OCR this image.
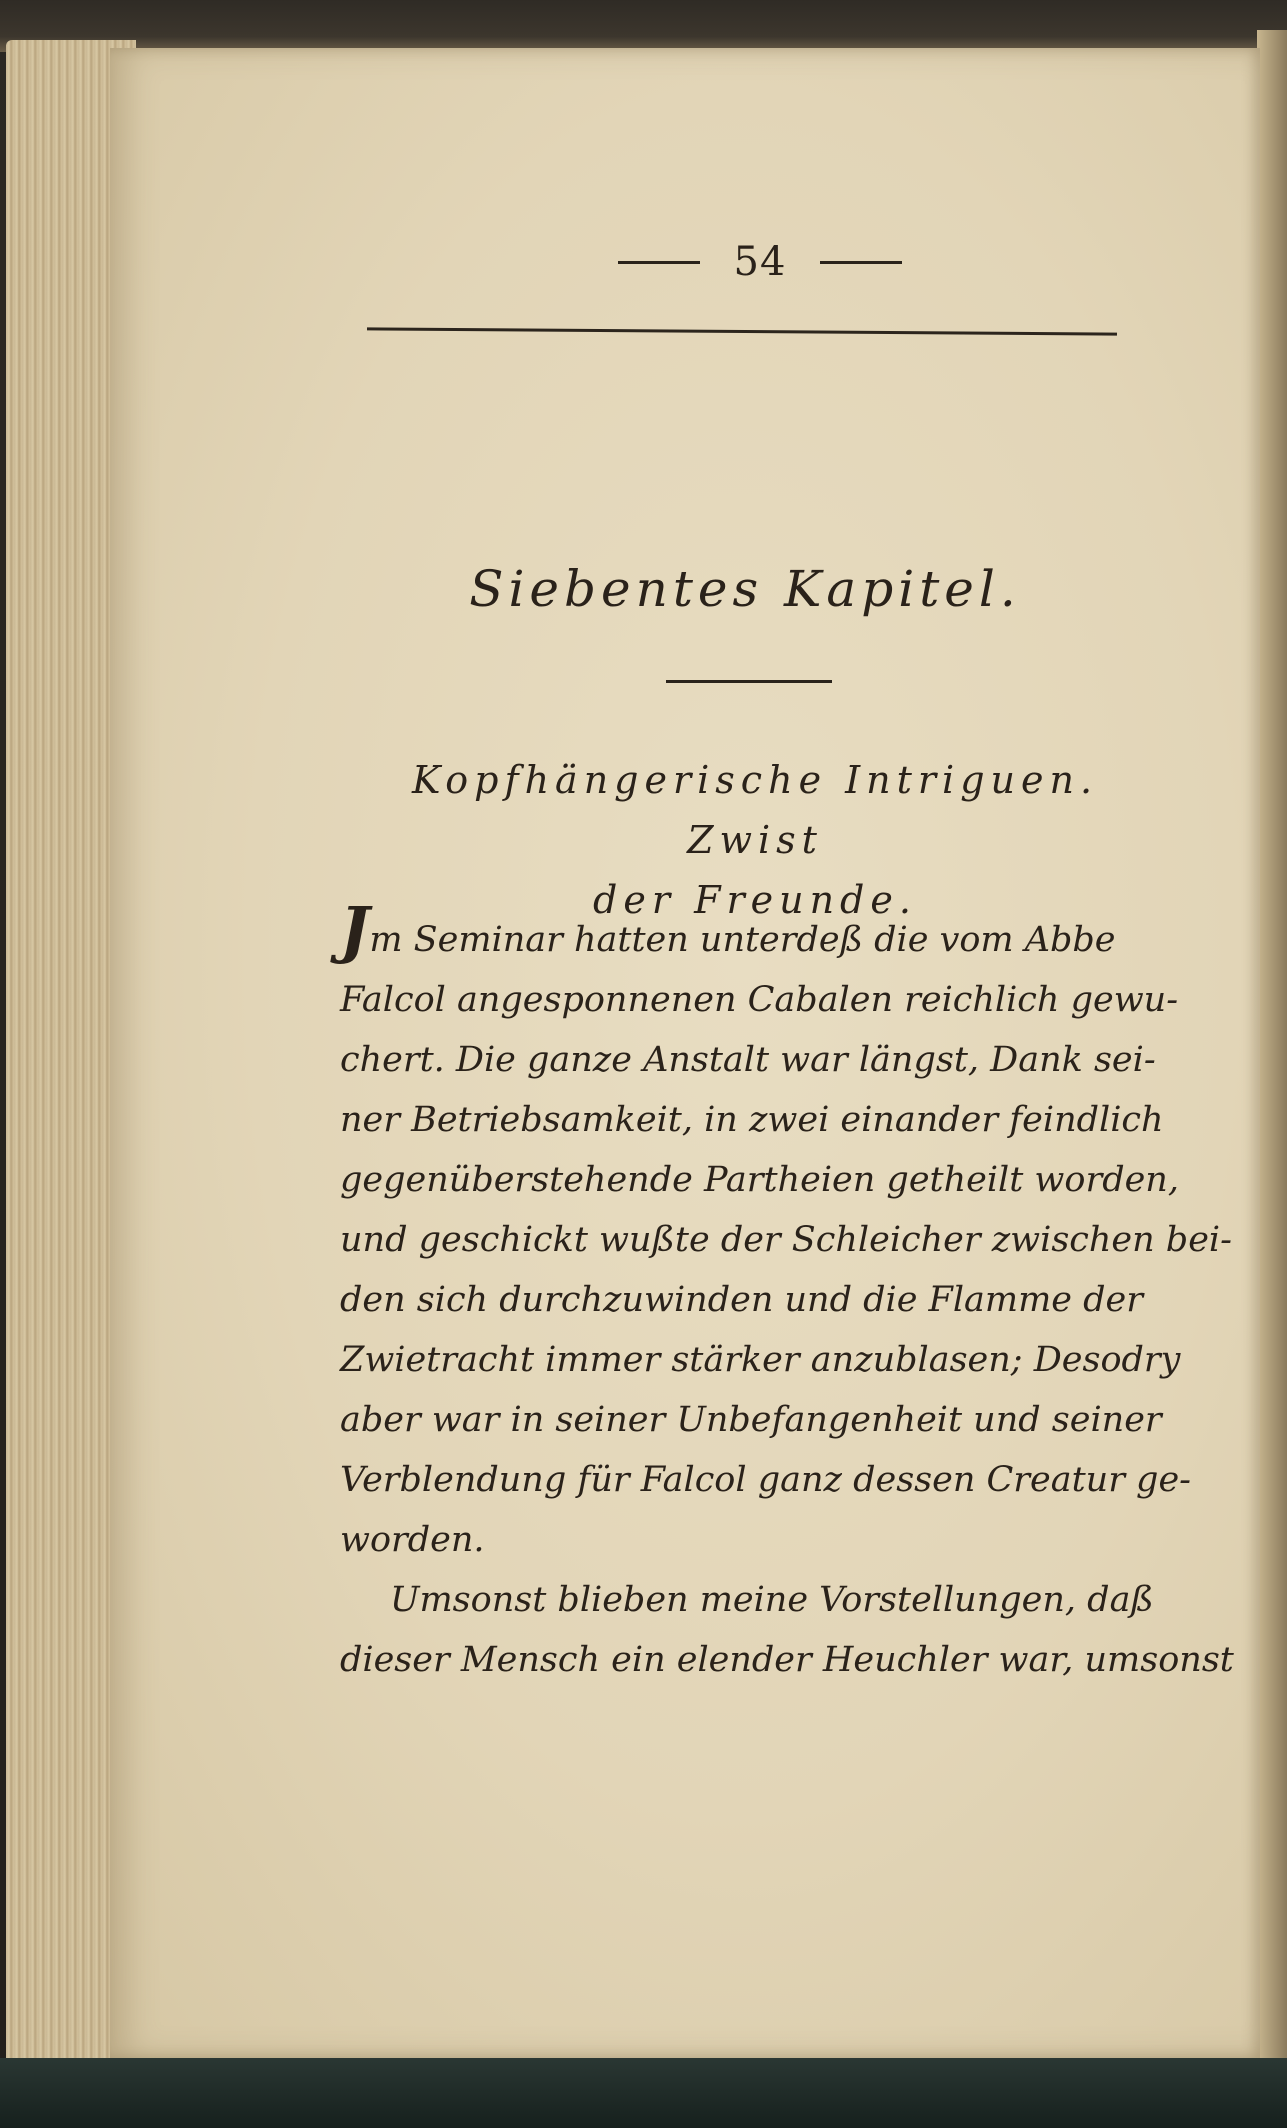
54
Siebentes Kapitel.
Kopfhängerische Intriguen. Zwist
der Freunde.
Jm Seminar hatten unterdeß die vom Abbe
Falcol angesponnenen Cabalen reichlich gewu-
chert. Die ganze Anstalt war längst, Dank sei-
ner Betriebsamkeit, in zwei einander feindlich
gegenüberstehende Partheien getheilt worden,
und geschickt wußte der Schleicher zwischen bei-
den sich durchzuwinden und die Flamme der
Zwietracht immer stärker anzublasen; Desodry
aber war in seiner Unbefangenheit und seiner
Verblendung für Falcol ganz dessen Creatur ge-
worden.
Umsonst blieben meine Vorstellungen, daß
dieser Mensch ein elender Heuchler war, umsonst
